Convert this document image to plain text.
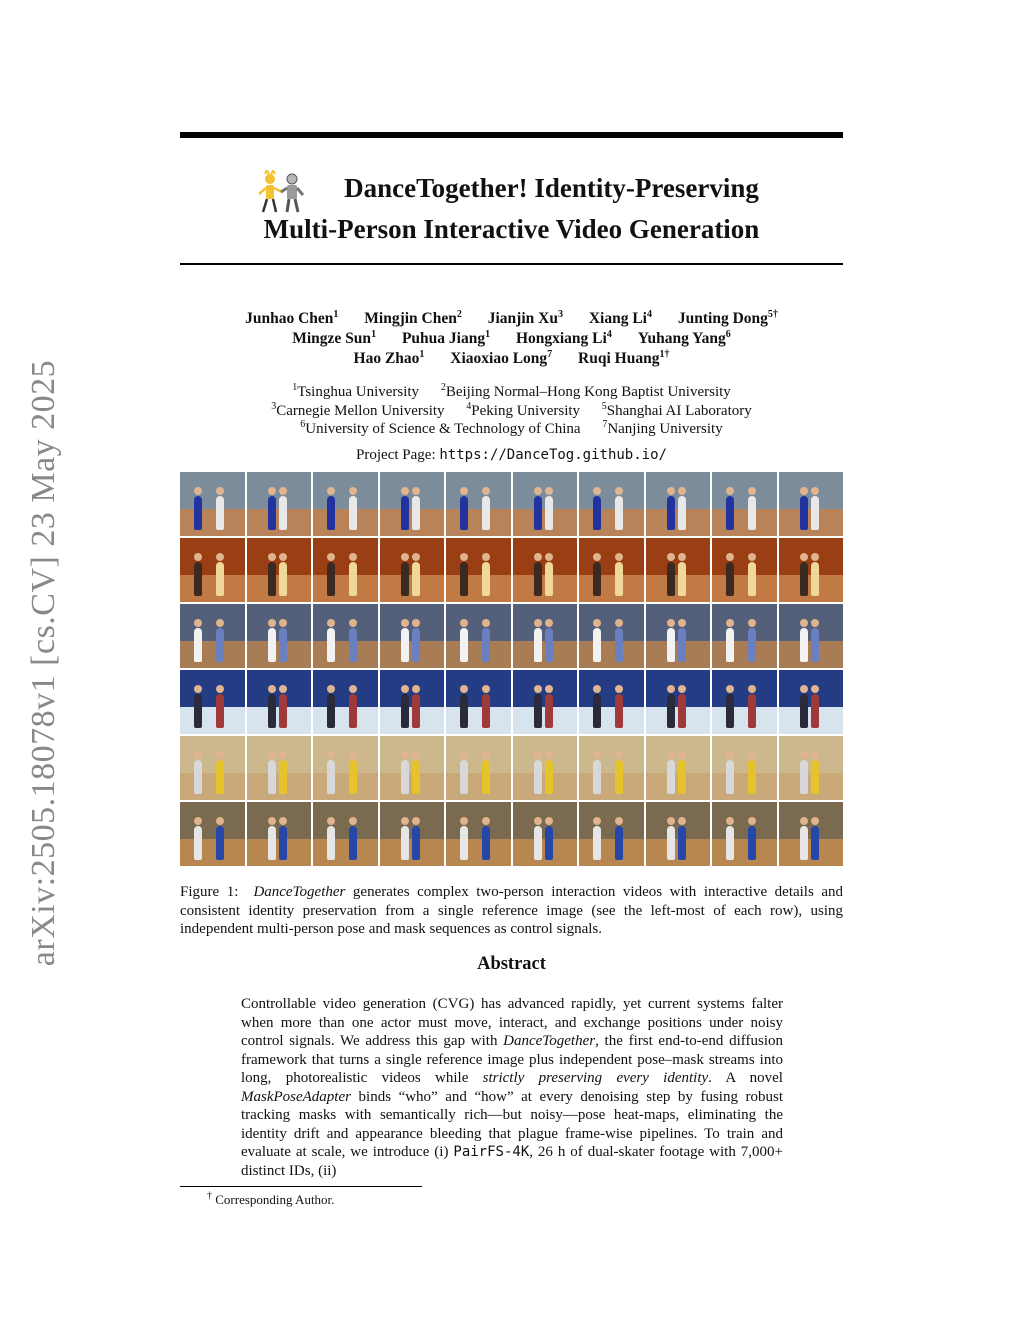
arXiv:2505.18078v1 [cs.CV] 23 May 2025
DanceTogether! Identity-Preserving
Multi-Person Interactive Video Generation
Junhao Chen$^1$ Mingjin Chen$^2$ Jianjin Xu$^3$ Xiang Li$^4$ Junting Dong$^{5\dagger}$
Mingze Sun$^1$ Puhua Jiang$^1$ Hongxiang Li$^4$ Yuhang Yang$^6$
Hao Zhao$^1$ Xiaoxiao Long$^7$ Ruqi Huang$^{1\dagger}$
$^1$Tsinghua University $^2$Beijing Normal–Hong Kong Baptist University
$^3$Carnegie Mellon University $^4$Peking University $^5$Shanghai AI Laboratory
$^6$University of Science & Technology of China $^7$Nanjing University
Project Page: https://DanceTog.github.io/
Figure 1: DanceTogether generates complex two-person interaction videos with interactive details and consistent identity preservation from a single reference image (see the left-most of each row), using independent multi-person pose and mask sequences as control signals.
Abstract
Controllable video generation (CVG) has advanced rapidly, yet current systems falter when more than one actor must move, interact, and exchange positions under noisy control signals. We address this gap with DanceTogether, the first end-to-end diffusion framework that turns a single reference image plus independent pose–mask streams into long, photorealistic videos while strictly preserving every identity. A novel MaskPoseAdapter binds “who” and “how” at every denoising step by fusing robust tracking masks with semantically rich—but noisy—pose heat-maps, eliminating the identity drift and appearance bleeding that plague frame-wise pipelines. To train and evaluate at scale, we introduce (i) PairFS-4K, 26 h of dual-skater footage with 7,000+ distinct IDs, (ii)
† Corresponding Author.
